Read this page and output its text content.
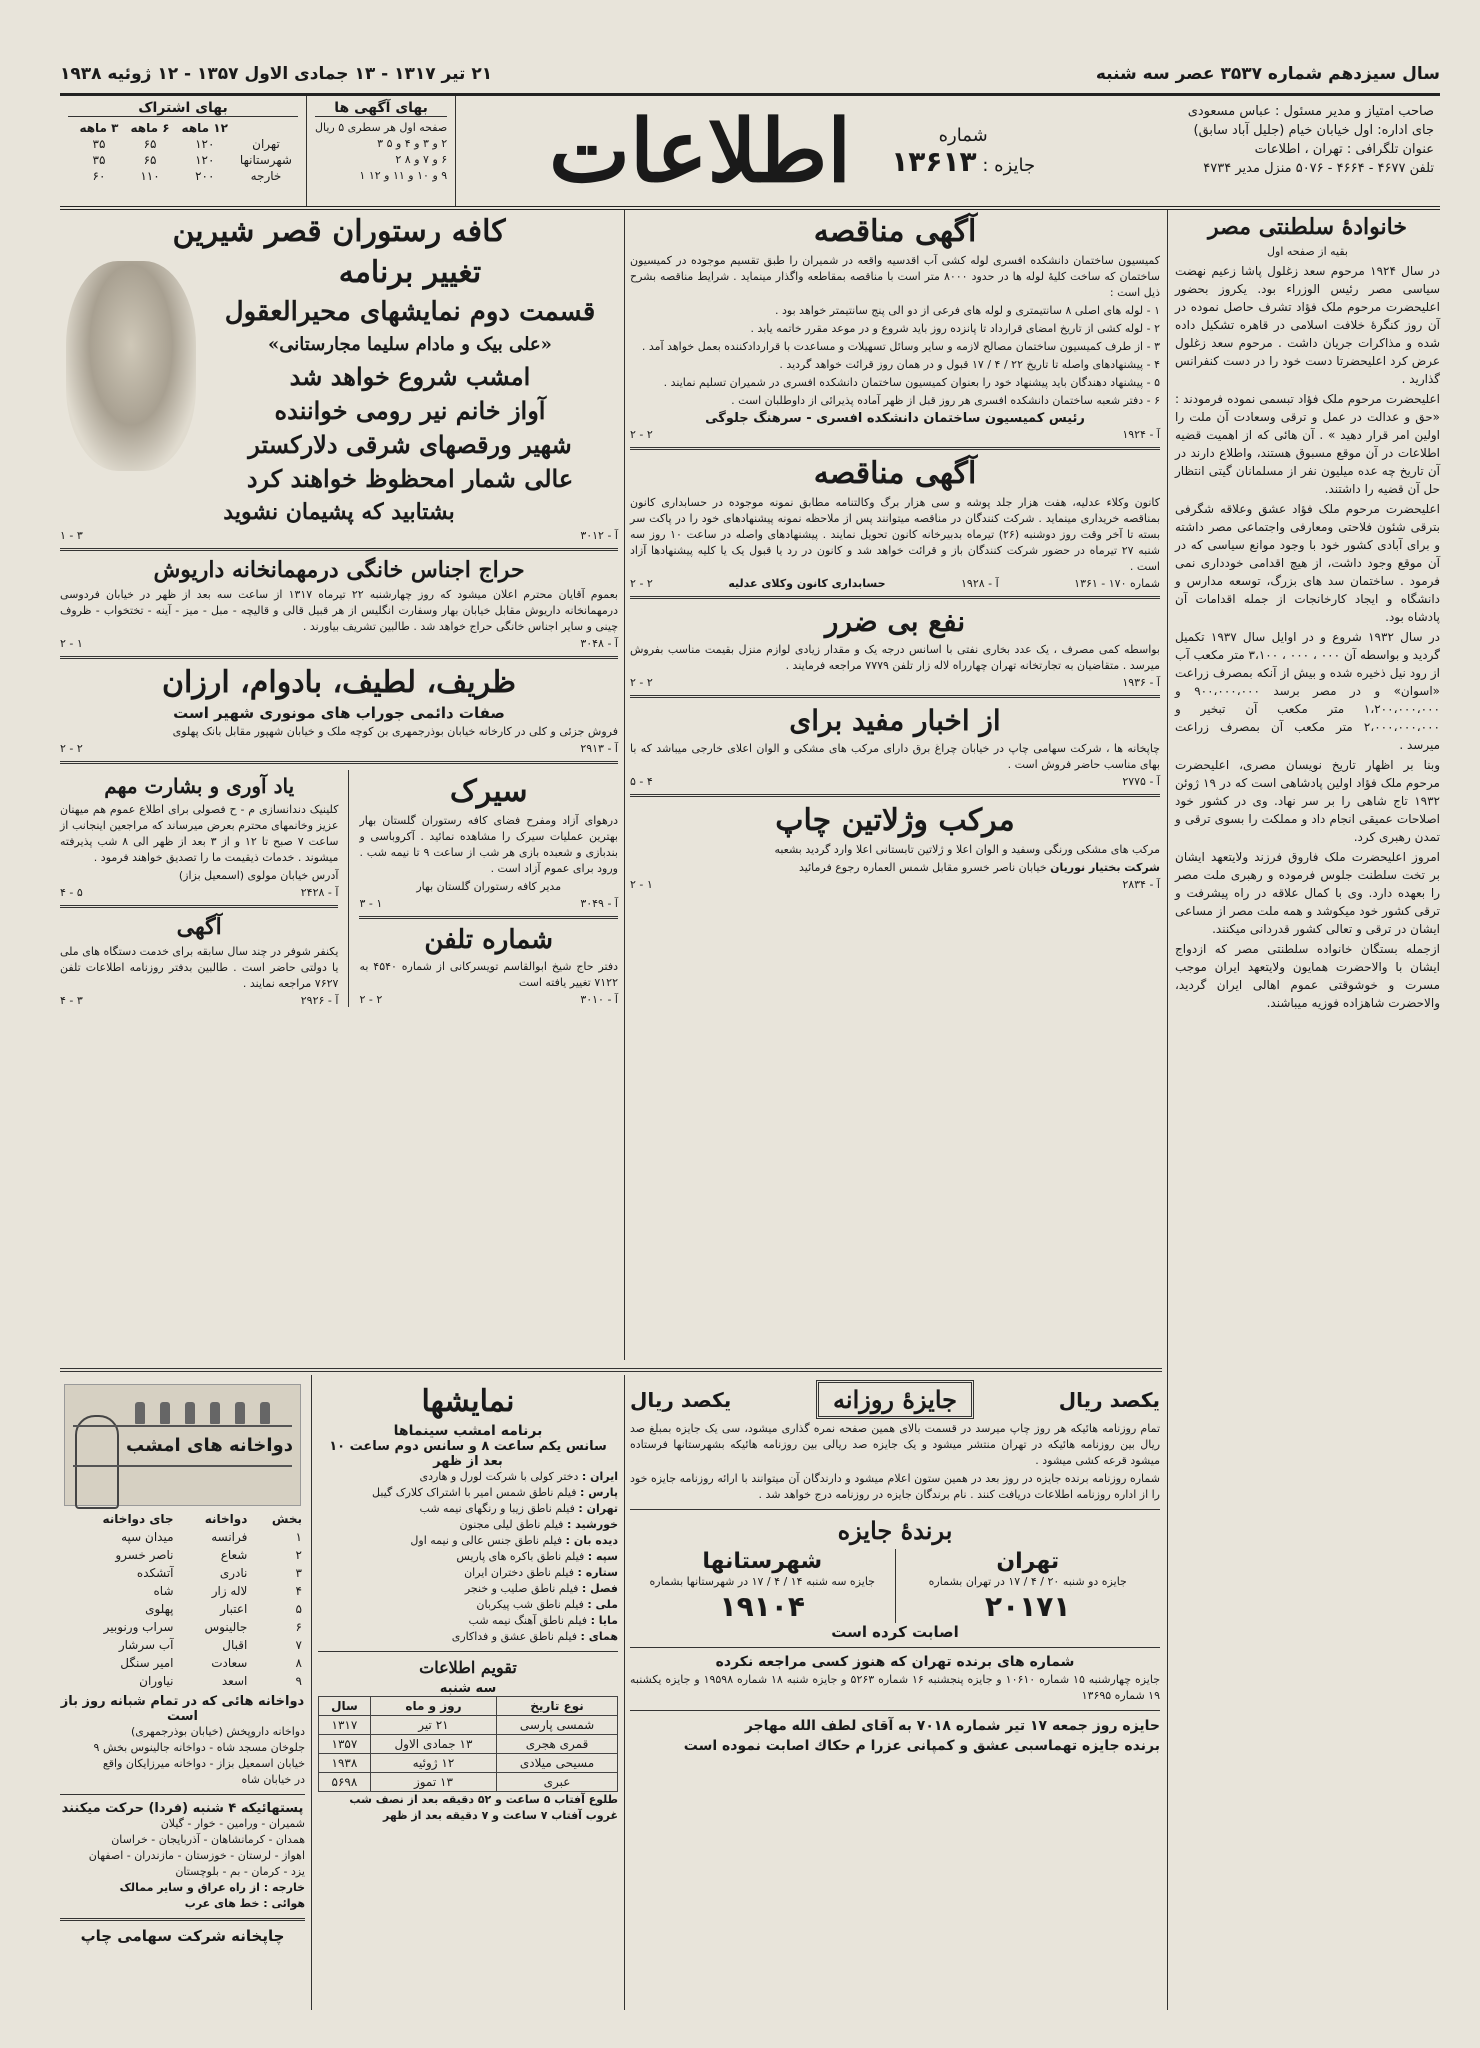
سال سیزدهم شماره ۳۵۳۷ عصر سه شنبه
۲۱ تیر ۱۳۱۷ - ۱۳ جمادی الاول ۱۳۵۷ - ۱۲ ژوئیه ۱۹۳۸
صاحب امتیاز و مدیر مسئول : عباس مسعودی
جای اداره: اول خیابان خیام (جلیل آباد سابق)
عنوان تلگرافی : تهران ، اطلاعات
تلفن ۴۶۷۷ - ۴۶۶۴ - ۵۰۷۶ منزل مدیر ۴۷۳۴
شماره
جایزه : ۱۳۶۱۳
اطلاعات
بهای آگهی ها
صفحه اول هر سطری ۵ ریال
۲ و ۳ و ۴ و ۵ ۳
۶ و ۷ و ۸ ۲
۹ و ۱۰ و ۱۱ و ۱۲ ۱
بهای اشتراک
	۱۲ ماهه	۶ ماهه	۳ ماهه
تهران	۱۲۰	۶۵	۳۵
شهرستانها	۱۲۰	۶۵	۳۵
خارجه	۲۰۰	۱۱۰	۶۰
خانوادهٔ سلطنتی مصر
بقیه از صفحه اول

در سال ۱۹۲۴ مرحوم سعد زغلول پاشا زعیم نهضت سیاسی مصر رئیس الوزراء بود. یکروز بحضور اعلیحضرت مرحوم ملک فؤاد تشرف حاصل نموده در آن روز کنگرهٔ خلافت اسلامی در قاهره تشکیل داده شده و مذاکرات جریان داشت . مرحوم سعد زغلول عرض کرد اعلیحضرتا دست خود را در دست کنفرانس گذارید .

اعلیحضرت مرحوم ملک فؤاد تبسمی نموده فرمودند : «حق و عدالت در عمل و ترقی وسعادت آن ملت را اولین امر قرار دهید » . آن هائی که از اهمیت قضیه اطلاعات در آن موقع مسبوق هستند، واطلاع دارند در آن تاریخ چه عده میلیون نفر از مسلمانان گیتی انتظار حل آن قضیه را داشتند.

اعلیحضرت مرحوم ملک فؤاد عشق وعلاقه شگرفی بترقی شئون فلاحتی ومعارفی واجتماعی مصر داشته و برای آبادی کشور خود با وجود موانع سیاسی که در آن موقع وجود داشت، از هیچ اقدامی خودداری نمی فرمود . ساختمان سد های بزرگ، توسعه مدارس و دانشگاه و ایجاد کارخانجات از جمله اقدامات آن پادشاه بود.

در سال ۱۹۳۲ شروع و در اوایل سال ۱۹۳۷ تکمیل گردید و بواسطه آن ۰۰۰ ، ۰۰۰ ، ۳،۱۰۰ متر مکعب آب از رود نیل ذخیره شده و بیش از آنکه بمصرف زراعت «اسوان» و در مصر برسد ۹۰۰،۰۰۰،۰۰۰ و ۱،۲۰۰،۰۰۰،۰۰۰ متر مکعب آن تبخیر و ۲،۰۰۰،۰۰۰،۰۰۰ متر مکعب آن بمصرف زراعت میرسد .

وبنا بر اظهار تاریخ نویسان مصری، اعلیحضرت مرحوم ملک فؤاد اولین پادشاهی است که در ۱۹ ژوئن ۱۹۳۲ تاج شاهی را بر سر نهاد. وی در کشور خود اصلاحات عمیقی انجام داد و مملکت را بسوی ترقی و تمدن رهبری کرد.

امروز اعلیحضرت ملک فاروق فرزند ولایتعهد ایشان بر تخت سلطنت جلوس فرموده و رهبری ملت مصر را بعهده دارد. وی با کمال علاقه در راه پیشرفت و ترقی کشور خود میکوشد و همه ملت مصر از مساعی ایشان در ترقی و تعالی کشور قدردانی میکنند.

ازجمله بستگان خانواده سلطنتی مصر که ازدواج ایشان با والاحضرت همایون ولایتعهد ایران موجب مسرت و خوشوقتی عموم اهالی ایران گردید، والاحضرت شاهزاده فوزیه میباشند.

آگهی مناقصه

کمیسیون ساختمان دانشکده افسری لوله کشی آب اقدسیه واقعه در شمیران را طبق تقسیم موجوده در کمیسیون ساختمان که ساخت کلیهٔ لوله ها در حدود ۸۰۰۰ متر است با مناقصه بمقاطعه واگذار مینماید . شرایط مناقصه بشرح ذیل است :

۱ - لوله های اصلی ۸ سانتیمتری و لوله های فرعی از دو الی پنج سانتیمتر خواهد بود .

۲ - لوله کشی از تاریخ امضای قرارداد تا پانزده روز باید شروع و در موعد مقرر خاتمه یابد .

۳ - از طرف کمیسیون ساختمان مصالح لازمه و سایر وسائل تسهیلات و مساعدت با قراردادکننده بعمل خواهد آمد .

۴ - پیشنهادهای واصله تا تاریخ ۲۲ / ۴ / ۱۷ قبول و در همان روز قرائت خواهد گردید .

۵ - پیشنهاد دهندگان باید پیشنهاد خود را بعنوان کمیسیون ساختمان دانشکده افسری در شمیران تسلیم نمایند .

۶ - دفتر شعبه ساختمان دانشکده افسری هر روز قبل از ظهر آماده پذیرائی از داوطلبان است .

رئیس کمیسیون ساختمان دانشکده افسری - سرهنگ جلوگی
آ - ۱۹۲۴
۲ - ۲
آگهی مناقصه

کانون وکلاء عدلیه، هفت هزار جلد پوشه و سی هزار برگ وکالتنامه مطابق نمونه موجوده در حسابداری کانون بمناقصه خریداری مینماید . شرکت کنندگان در مناقصه میتوانند پس از ملاحظه نمونه پیشنهادهای خود را در پاکت سر بسته تا آخر وقت روز دوشنبه (۲۶) تیرماه بدبیرخانه کانون تحویل نمایند . پیشنهادهای واصله در ساعت ۱۰ روز سه شنبه ۲۷ تیرماه در حضور شرکت کنندگان باز و قرائت خواهد شد و کانون در رد یا قبول یک یا کلیه پیشنهادها آزاد است .

شماره ۱۷۰ - ۱۳۶۱
آ - ۱۹۲۸
حسابداری کانون وکلای عدلیه
۲ - ۲
نفع بی ضرر

بواسطه کمی مصرف ، یک عدد بخاری نفتی با اسانس درجه یک و مقدار زیادی لوازم منزل بقیمت مناسب بفروش میرسد . متقاضیان به تجارتخانه تهران چهارراه لاله زار تلفن ۷۷۷۹ مراجعه فرمایند .

آ - ۱۹۳۶
۲ - ۲
از اخبار مفید برای

چاپخانه ها ، شرکت سهامی چاپ در خیابان چراغ برق دارای مرکب های مشکی و الوان اعلای خارجی میباشد که با بهای مناسب حاضر فروش است .

آ - ۲۷۷۵
۴ - ۵
مرکب وژلاتین چاپ

مرکب های مشکی ورنگی وسفید و الوان اعلا و ژلاتین تابستانی اعلا وارد گردید بشعبه

شرکت بختیار نوریان خیابان ناصر خسرو مقابل شمس العماره رجوع فرمائید

آ - ۲۸۳۴
۱ - ۲
کافه رستوران قصر شیرین
تغییر برنامه
قسمت دوم نمایشهای محیرالعقول
«علی بیک و مادام سلیما مجارستانی»
امشب شروع خواهد شد
آواز خانم نیر رومی خواننده
شهیر ورقصهای شرقی دلارکستر
عالی شمار امحظوظ خواهند کرد
بشتابید که پشیمان نشوید
آ - ۳۰۱۲
۳ - ۱
حراج اجناس خانگی درمهمانخانه داریوش

بعموم آقایان محترم اعلان میشود که روز چهارشنبه ۲۲ تیرماه ۱۳۱۷ از ساعت سه بعد از ظهر در خیابان فردوسی درمهمانخانه داریوش مقابل خیابان بهار وسفارت انگلیس از هر قبیل قالی و قالیچه - مبل - میز - آینه - تختخواب - ظروف چینی و سایر اجناس خانگی حراج خواهد شد . طالبین تشریف بیاورند .

آ - ۳۰۴۸
۱ - ۲
ظریف، لطیف، بادوام، ارزان
صفات دائمی جوراب های مونوری شهیر است

فروش جزئی و کلی در کارخانه خیابان بوذرجمهری بن کوچه ملک و خیابان شهپور مقابل بانک پهلوی

آ - ۲۹۱۳
۲ - ۲
سیرک

درهوای آزاد ومفرح فضای کافه رستوران گلستان بهار بهترین عملیات سیرک را مشاهده نمائید . آکروباسی و بندبازی و شعبده بازی هر شب از ساعت ۹ تا نیمه شب . ورود برای عموم آزاد است .

مدیر کافه رستوران گلستان بهار

آ - ۳۰۴۹
۱ - ۳
شماره تلفن

دفتر حاج شیخ ابوالقاسم تویسرکانی از شماره ۴۵۴۰ به ۷۱۲۲ تغییر یافته است

آ - ۳۰۱۰
۲ - ۲
یاد آوری و بشارت مهم

کلینیک دندانسازی م - ح فصولی برای اطلاع عموم هم میهنان عزیز وخانمهای محترم بعرض میرساند که مراجعین اینجانب از ساعت ۷ صبح تا ۱۲ و از ۳ بعد از ظهر الی ۸ شب پذیرفته میشوند . خدمات ذیقیمت ما را تصدیق خواهند فرمود .

آدرس خیابان مولوی (اسمعیل بزاز)

آ - ۲۴۲۸
۵ - ۴
آگهی

یکنفر شوفر در چند سال سابقه برای خدمت دستگاه های ملی یا دولتی حاضر است . طالبین بدفتر روزنامه اطلاعات تلفن ۷۶۲۷ مراجعه نمایند .

آ - ۲۹۲۶
۳ - ۴
یکصد ریال
جایزهٔ روزانه
یکصد ریال

تمام روزنامه هائیکه هر روز چاپ میرسد در قسمت بالای همین صفحه نمره گذاری میشود، سی یک جایزه بمبلغ صد ریال بین روزنامه هائیکه در تهران منتشر میشود و یک جایزه صد ریالی بین روزنامه هائیکه بشهرستانها فرستاده میشود قرعه کشی میشود .

شماره روزنامه برنده جایزه در روز بعد در همین ستون اعلام میشود و دارندگان آن میتوانند با ارائه روزنامه جایزه خود را از اداره روزنامه اطلاعات دریافت کنند . نام برندگان جایزه در روزنامه درج خواهد شد .

برندهٔ جایزه
تهران
جایزه دو شنبه ۲۰ / ۴ / ۱۷ در تهران بشماره
۲۰۱۷۱
شهرستانها
جایزه سه شنبه ۱۴ / ۴ / ۱۷ در شهرستانها بشماره
۱۹۱۰۴
اصابت کرده است
شماره های برنده تهران که هنوز کسی مراجعه نکرده

جایزه چهارشنبه ۱۵ شماره ۱۰۶۱۰ و جایزه پنجشنبه ۱۶ شماره ۵۲۶۳ و جایزه شنبه ۱۸ شماره ۱۹۵۹۸ و جایزه یکشنبه ۱۹ شماره ۱۳۶۹۵

حایزه روز جمعه ۱۷ تیر شماره ۷۰۱۸ به آقای لطف الله مهاجر

برنده جایزه تهماسبی عشق و کمپانی عزرا م حکاك اصابت نموده است

نمایشها
برنامه امشب سینماها
سانس یکم ساعت ۸ و سانس دوم ساعت ۱۰ بعد از ظهر
ایران : دختر کولی با شرکت لورل و هاردی
پارس : فیلم ناطق شمس امیر با اشتراک کلارک گیبل
تهران : فیلم ناطق زیبا و رنگهای نیمه شب
خورشید : فیلم ناطق لیلی مجنون
دیده بان : فیلم ناطق جنس عالی و نیمه اول
سپه : فیلم ناطق باکره های پاریس
ستاره : فیلم ناطق دختران ایران
فصل : فیلم ناطق صلیب و خنجر
ملی : فیلم ناطق شب پیکربان
مایا : فیلم ناطق آهنگ نیمه شب
همای : فیلم ناطق عشق و فداکاری
تقویم اطلاعات
سه شنبه
نوع تاریخ	روز و ماه	سال
شمسی پارسی	۲۱ تیر	۱۳۱۷
قمری هجری	۱۳ جمادی الاول	۱۳۵۷
مسیحی میلادی	۱۲ ژوئیه	۱۹۳۸
عبری	۱۳ تموز	۵۶۹۸
طلوع آفتاب ۵ ساعت و ۵۲ دقیقه بعد از نصف شب
غروب آفتاب ۷ ساعت و ۷ دقیقه بعد از ظهر
دواخانه های امشب
بخش	دواخانه	جای دواخانه
۱	فرانسه	میدان سپه
۲	شعاع	ناصر خسرو
۳	نادری	آتشکده
۴	لاله زار	شاه
۵	اعتبار	پهلوی
۶	جالینوس	سراب ورنوبیر
۷	اقبال	آب سرشار
۸	سعادت	امیر سنگل
۹	اسعد	نیاوران
دواخانه هائی که در تمام شبانه روز باز است
دواخانه داروپخش (خیابان بوذرجمهری)
جلوخان مسجد شاه - دواخانه جالینوس بخش ۹
خیابان اسمعیل بزاز - دواخانه میرزایکان واقع
در خیابان شاه
پستهائیکه ۴ شنبه (فردا) حرکت میکنند
شمیران - ورامین - خوار - گیلان
همدان - کرمانشاهان - آذربایجان - خراسان
اهواز - لرستان - خوزستان - مازندران - اصفهان
یزد - کرمان - بم - بلوچستان
خارجه : از راه عراق و سایر ممالک
هوائی : خط های عرب
چاپخانه شرکت سهامی چاپ
